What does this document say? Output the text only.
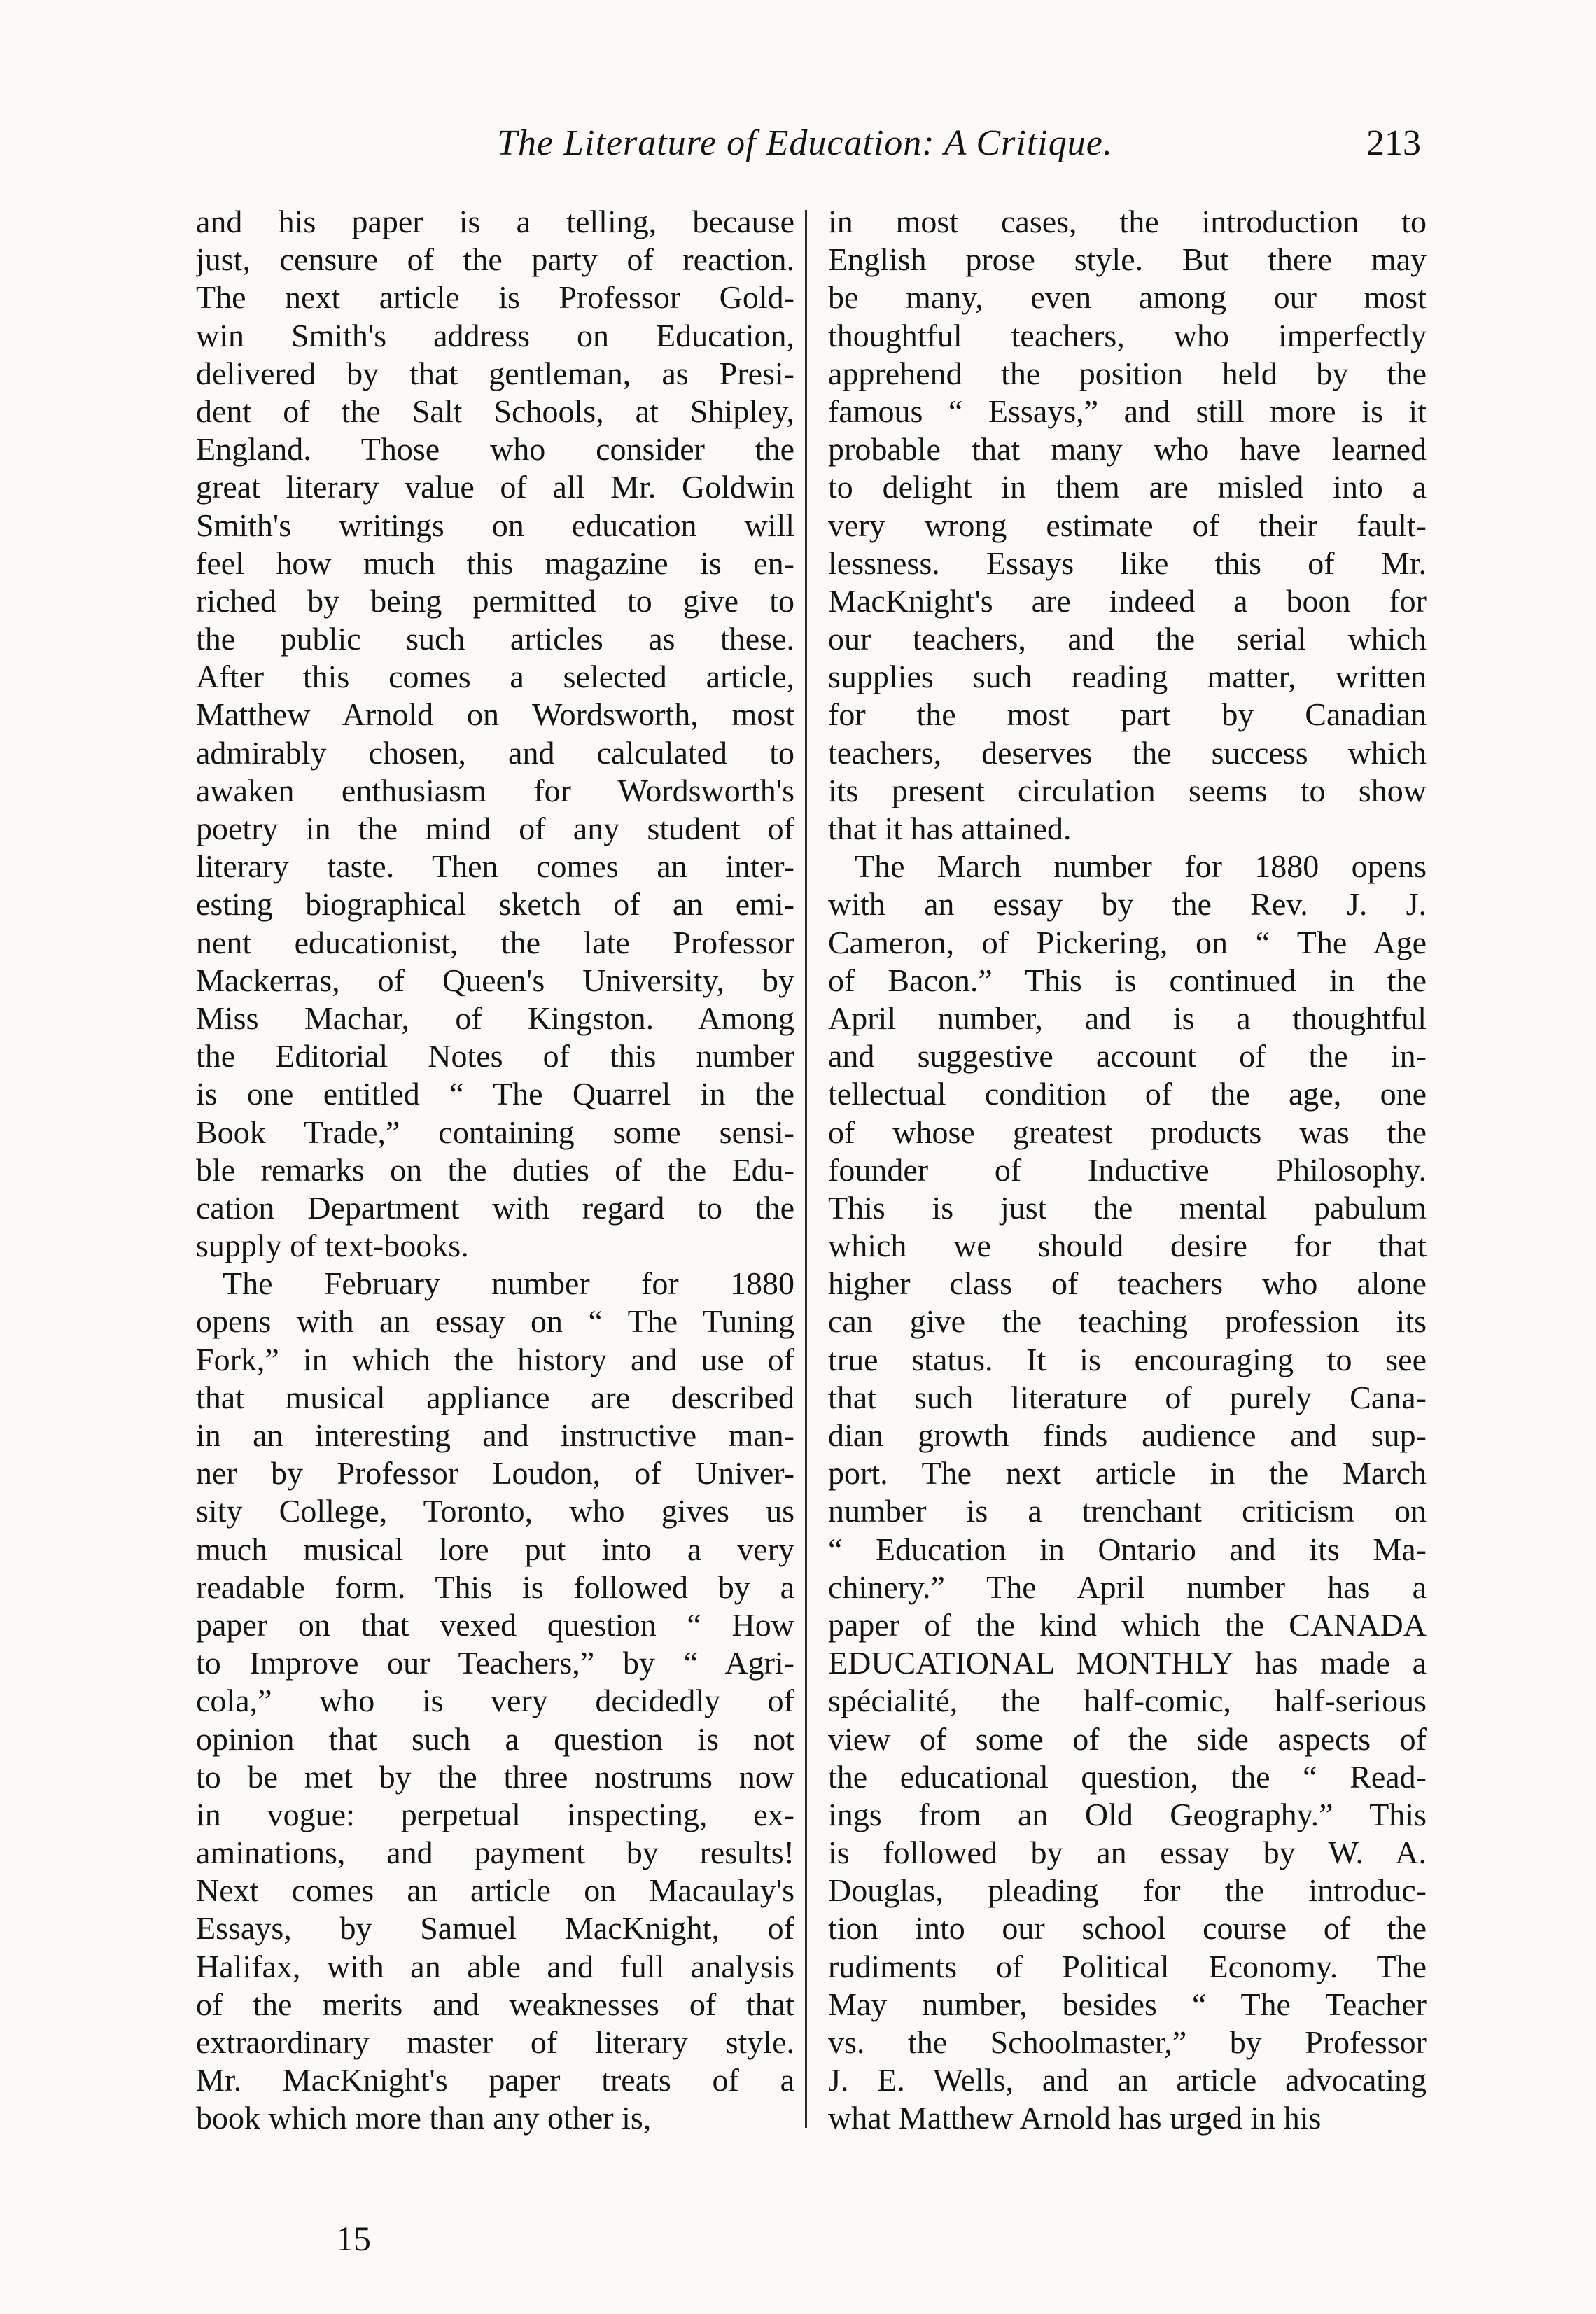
The Literature of Education: A Critique.	213
and his paper is a telling, because
just, censure of the party of reaction.
The next article is Professor Gold-
win Smith's address on Education,
delivered by that gentleman, as Presi-
dent of the Salt Schools, at Shipley,
England. Those who consider the
great literary value of all Mr. Goldwin
Smith's writings on education will
feel how much this magazine is en-
riched by being permitted to give to
the public such articles as these.
After this comes a selected article,
Matthew Arnold on Wordsworth, most
admirably chosen, and calculated to
awaken enthusiasm for Wordsworth's
poetry in the mind of any student of
literary taste. Then comes an inter-
esting biographical sketch of an emi-
nent educationist, the late Professor
Mackerras, of Queen's University, by
Miss Machar, of Kingston. Among
the Editorial Notes of this number
is one entitled “ The Quarrel in the
Book Trade,” containing some sensi-
ble remarks on the duties of the Edu-
cation Department with regard to the
supply of text-books.
The February number for 1880
opens with an essay on “ The Tuning
Fork,” in which the history and use of
that musical appliance are described
in an interesting and instructive man-
ner by Professor Loudon, of Univer-
sity College, Toronto, who gives us
much musical lore put into a very
readable form. This is followed by a
paper on that vexed question “ How
to Improve our Teachers,” by “ Agri-
cola,” who is very decidedly of
opinion that such a question is not
to be met by the three nostrums now
in vogue: perpetual inspecting, ex-
aminations, and payment by results!
Next comes an article on Macaulay's
Essays, by Samuel MacKnight, of
Halifax, with an able and full analysis
of the merits and weaknesses of that
extraordinary master of literary style.
Mr. MacKnight's paper treats of a
book which more than any other is,
in most cases, the introduction to
English prose style. But there may
be many, even among our most
thoughtful teachers, who imperfectly
apprehend the position held by the
famous “ Essays,” and still more is it
probable that many who have learned
to delight in them are misled into a
very wrong estimate of their fault-
lessness. Essays like this of Mr.
MacKnight's are indeed a boon for
our teachers, and the serial which
supplies such reading matter, written
for the most part by Canadian
teachers, deserves the success which
its present circulation seems to show
that it has attained.
The March number for 1880 opens
with an essay by the Rev. J. J.
Cameron, of Pickering, on “ The Age
of Bacon.” This is continued in the
April number, and is a thoughtful
and suggestive account of the in-
tellectual condition of the age, one
of whose greatest products was the
founder of Inductive Philosophy.
This is just the mental pabulum
which we should desire for that
higher class of teachers who alone
can give the teaching profession its
true status. It is encouraging to see
that such literature of purely Cana-
dian growth finds audience and sup-
port. The next article in the March
number is a trenchant criticism on
“ Education in Ontario and its Ma-
chinery.” The April number has a
paper of the kind which the CANADA
EDUCATIONAL MONTHLY has made a
spécialité, the half-comic, half-serious
view of some of the side aspects of
the educational question, the “ Read-
ings from an Old Geography.” This
is followed by an essay by W. A.
Douglas, pleading for the introduc-
tion into our school course of the
rudiments of Political Economy. The
May number, besides “ The Teacher
vs. the Schoolmaster,” by Professor
J. E. Wells, and an article advocating
what Matthew Arnold has urged in his
15
